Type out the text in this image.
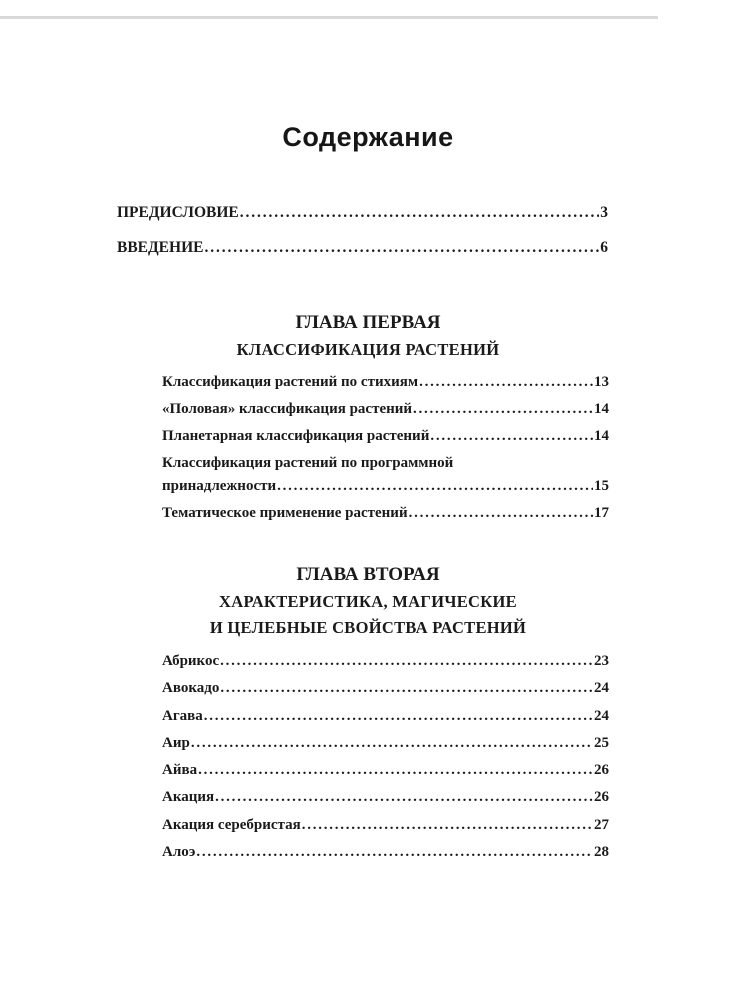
Содержание
ПРЕДИСЛОВИЕ . . .	3
ВВЕДЕНИЕ . . .	6
ГЛАВА ПЕРВАЯ
КЛАССИФИКАЦИЯ РАСТЕНИЙ
Классификация растений по стихиям . . .	13
«Половая» классификация растений . . .	14
Планетарная классификация растений . . .	14
Классификация растений по программной
принадлежности . . .	15
Тематическое применение растений . . .	17
ГЛАВА ВТОРАЯ
ХАРАКТЕРИСТИКА, МАГИЧЕСКИЕ
И ЦЕЛЕБНЫЕ СВОЙСТВА РАСТЕНИЙ
Абрикос . . .	23
Авокадо . . .	24
Агава . . .	24
Аир . . .	25
Айва . . .	26
Акация . . .	26
Акация серебристая . . .	27
Алоэ . . .	28
